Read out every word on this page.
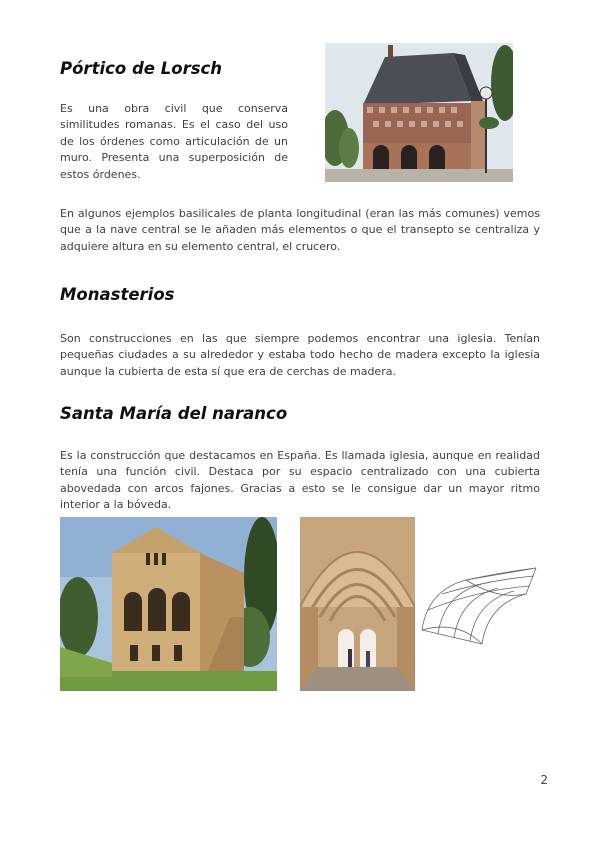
Pórtico de Lorsch

Es una obra civil que conserva similitudes romanas. Es el caso del uso de los órdenes como articulación de un muro. Presenta una superposición de estos órdenes.

En algunos ejemplos basilicales de planta longitudinal (eran las más comunes) vemos que a la nave central se le añaden más elementos o que el transepto se centraliza y adquiere altura en su elemento central, el crucero.

Monasterios

Son construcciones en las que siempre podemos encontrar una iglesia. Tenían pequeñas ciudades a su alrededor y estaba todo hecho de madera excepto la iglesia aunque la cubierta de esta sí que era de cerchas de madera.

Santa María del naranco

Es la construcción que destacamos en España. Es llamada iglesia, aunque en realidad tenía una función civil. Destaca por su espacio centralizado con una cubierta abovedada con arcos fajones. Gracias a esto se le consigue dar un mayor ritmo interior a la bóveda.

2
